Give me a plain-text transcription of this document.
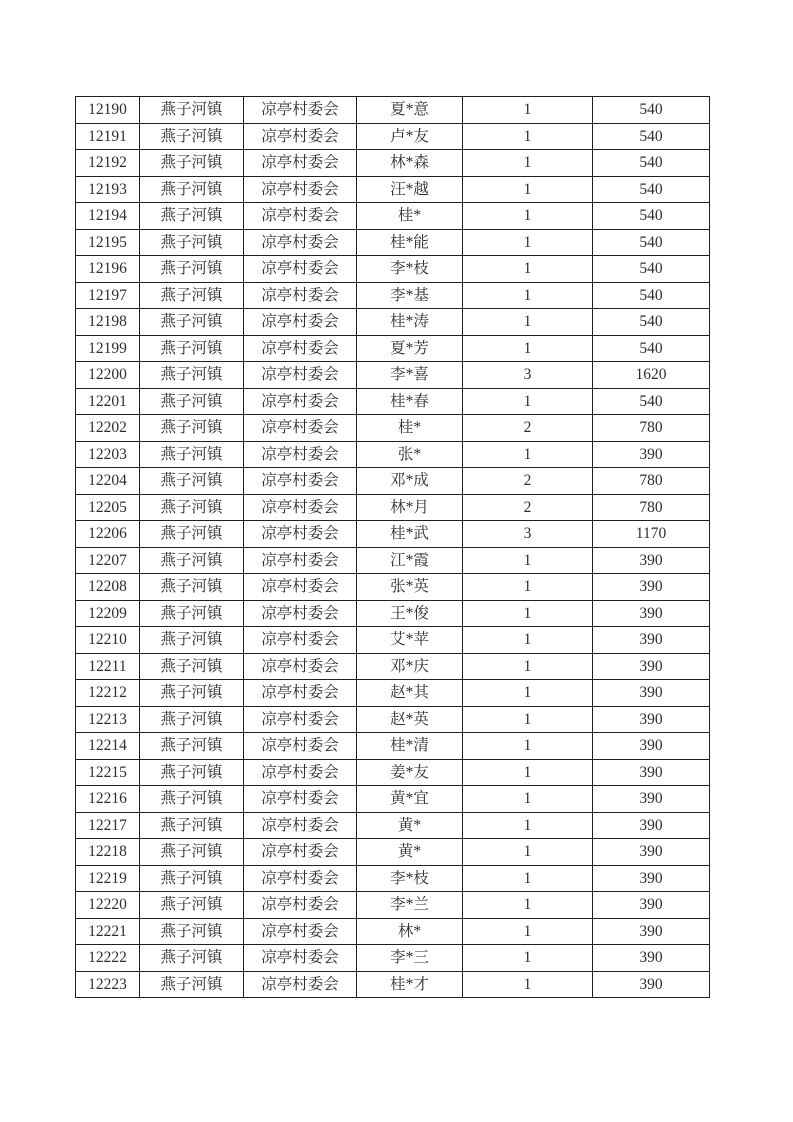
12190	燕子河镇	凉亭村委会	夏*意	1	540
12191	燕子河镇	凉亭村委会	卢*友	1	540
12192	燕子河镇	凉亭村委会	林*森	1	540
12193	燕子河镇	凉亭村委会	汪*越	1	540
12194	燕子河镇	凉亭村委会	桂*	1	540
12195	燕子河镇	凉亭村委会	桂*能	1	540
12196	燕子河镇	凉亭村委会	李*枝	1	540
12197	燕子河镇	凉亭村委会	李*基	1	540
12198	燕子河镇	凉亭村委会	桂*涛	1	540
12199	燕子河镇	凉亭村委会	夏*芳	1	540
12200	燕子河镇	凉亭村委会	李*喜	3	1620
12201	燕子河镇	凉亭村委会	桂*春	1	540
12202	燕子河镇	凉亭村委会	桂*	2	780
12203	燕子河镇	凉亭村委会	张*	1	390
12204	燕子河镇	凉亭村委会	邓*成	2	780
12205	燕子河镇	凉亭村委会	林*月	2	780
12206	燕子河镇	凉亭村委会	桂*武	3	1170
12207	燕子河镇	凉亭村委会	江*霞	1	390
12208	燕子河镇	凉亭村委会	张*英	1	390
12209	燕子河镇	凉亭村委会	王*俊	1	390
12210	燕子河镇	凉亭村委会	艾*苹	1	390
12211	燕子河镇	凉亭村委会	邓*庆	1	390
12212	燕子河镇	凉亭村委会	赵*其	1	390
12213	燕子河镇	凉亭村委会	赵*英	1	390
12214	燕子河镇	凉亭村委会	桂*清	1	390
12215	燕子河镇	凉亭村委会	姜*友	1	390
12216	燕子河镇	凉亭村委会	黄*宜	1	390
12217	燕子河镇	凉亭村委会	黄*	1	390
12218	燕子河镇	凉亭村委会	黄*	1	390
12219	燕子河镇	凉亭村委会	李*枝	1	390
12220	燕子河镇	凉亭村委会	李*兰	1	390
12221	燕子河镇	凉亭村委会	林*	1	390
12222	燕子河镇	凉亭村委会	李*三	1	390
12223	燕子河镇	凉亭村委会	桂*才	1	390
